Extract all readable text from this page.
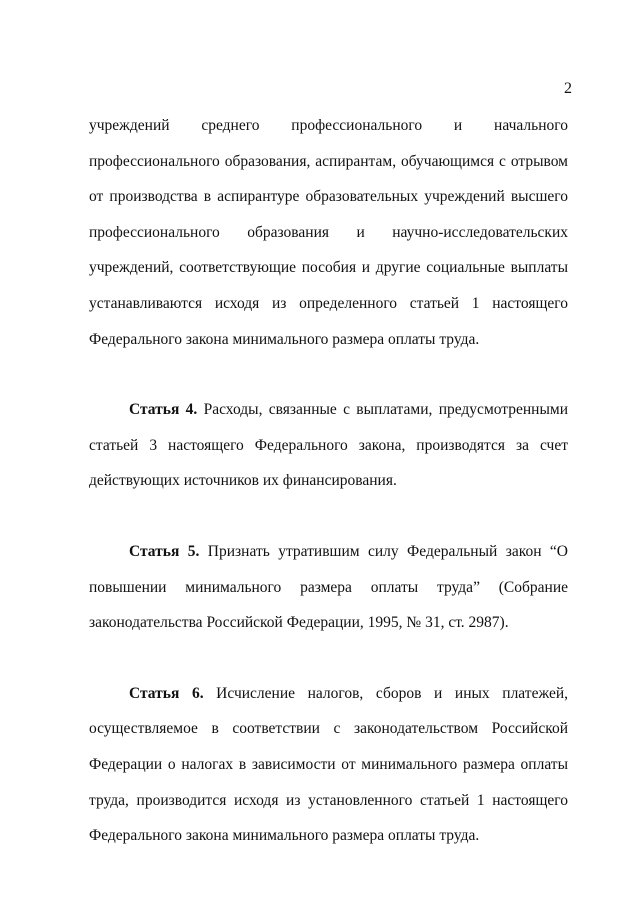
2

учреждений среднего профессионального и начального профессионального образования, аспирантам, обучающимся с отрывом от производства в аспирантуре образовательных учреждений высшего профессионального образования и научно-исследовательских учреждений, соответствующие пособия и другие социальные выплаты устанавливаются исходя из определенного статьей 1 настоящего Федерального закона минимального размера оплаты труда.

Статья 4. Расходы, связанные с выплатами, предусмотренными статьей 3 настоящего Федерального закона, производятся за счет действующих источников их финансирования.

Статья 5. Признать утратившим силу Федеральный закон “О повышении минимального размера оплаты труда” (Собрание законодательства Российской Федерации, 1995, № 31, ст. 2987).

Статья 6. Исчисление налогов, сборов и иных платежей, осуществляемое в соответствии с законодательством Российской Федерации о налогах в зависимости от минимального размера оплаты труда, производится исходя из установленного статьей 1 настоящего Федерального закона минимального размера оплаты труда.
